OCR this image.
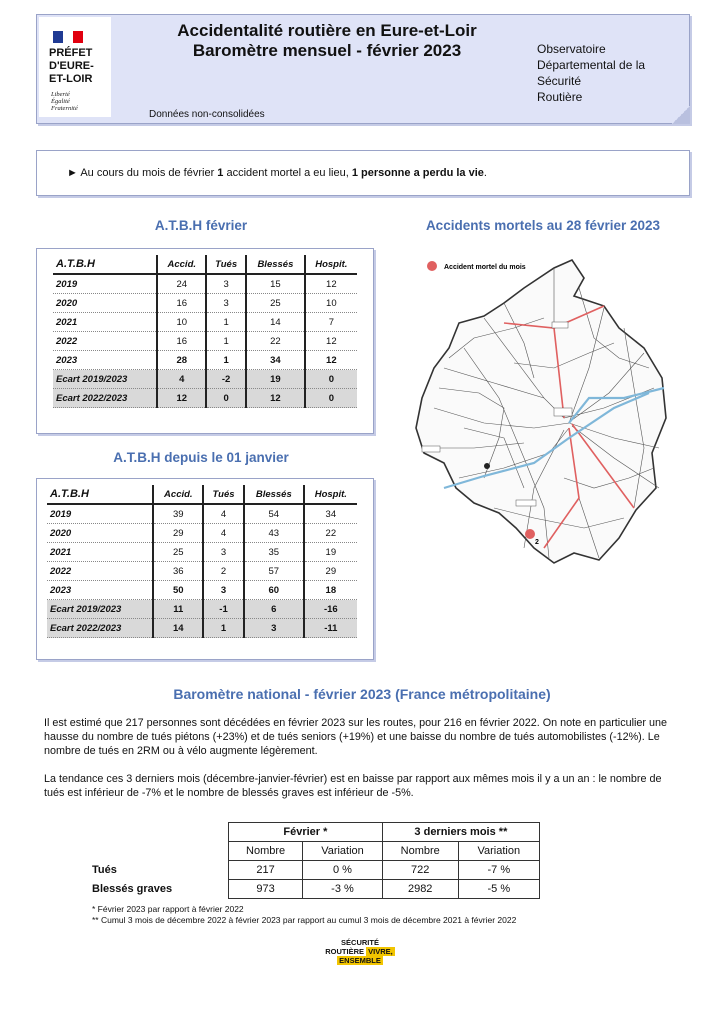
PRÉFET
D'EURE-
ET-LOIR
Liberté
Égalité
Fraternité
Accidentalité routière en Eure-et-Loir
Baromètre mensuel - février 2023
Données non-consolidées
Observatoire
Départemental de la
Sécurité
Routière
► Au cours du mois de février 1 accident mortel a eu lieu, 1 personne a perdu la vie.
A.T.B.H février
A.T.B.H	Accid.	Tués	Blessés	Hospit.
2019	24	3	15	12
2020	16	3	25	10
2021	10	1	14	7
2022	16	1	22	12
2023	28	1	34	12
Ecart 2019/2023	4	-2	19	0
Ecart 2022/2023	12	0	12	0
A.T.B.H depuis le 01 janvier
A.T.B.H	Accid.	Tués	Blessés	Hospit.
2019	39	4	54	34
2020	29	4	43	22
2021	25	3	35	19
2022	36	2	57	29
2023	50	3	60	18
Ecart 2019/2023	11	-1	6	-16
Ecart 2022/2023	14	1	3	-11
Accidents mortels au 28 février 2023
Accident mortel du mois
2
Baromètre national - février 2023 (France métropolitaine)
Il est estimé que 217 personnes sont décédées en février 2023 sur les routes, pour 216 en février 2022. On note en particulier une hausse du nombre de tués piétons (+23%) et de tués seniors (+19%) et une baisse du nombre de tués automobilistes (-12%). Le nombre de tués en 2RM ou à vélo augmente légèrement.
La tendance ces 3 derniers mois (décembre-janvier-février) est en baisse par rapport aux mêmes mois il y a un an : le nombre de tués est inférieur de -7% et le nombre de blessés graves est inférieur de -5%.
	Février *		3 derniers mois **	
	Nombre	Variation	Nombre	Variation
Tués	217	0 %	722	-7 %
Blessés graves	973	-3 %	2982	-5 %
* Février 2023 par rapport à février 2022
** Cumul 3 mois de décembre 2022 à février 2023 par rapport au cumul 3 mois de décembre 2021 à février 2022
SÉCURITÉ
ROUTIÈRE VIVRE,
ENSEMBLE
